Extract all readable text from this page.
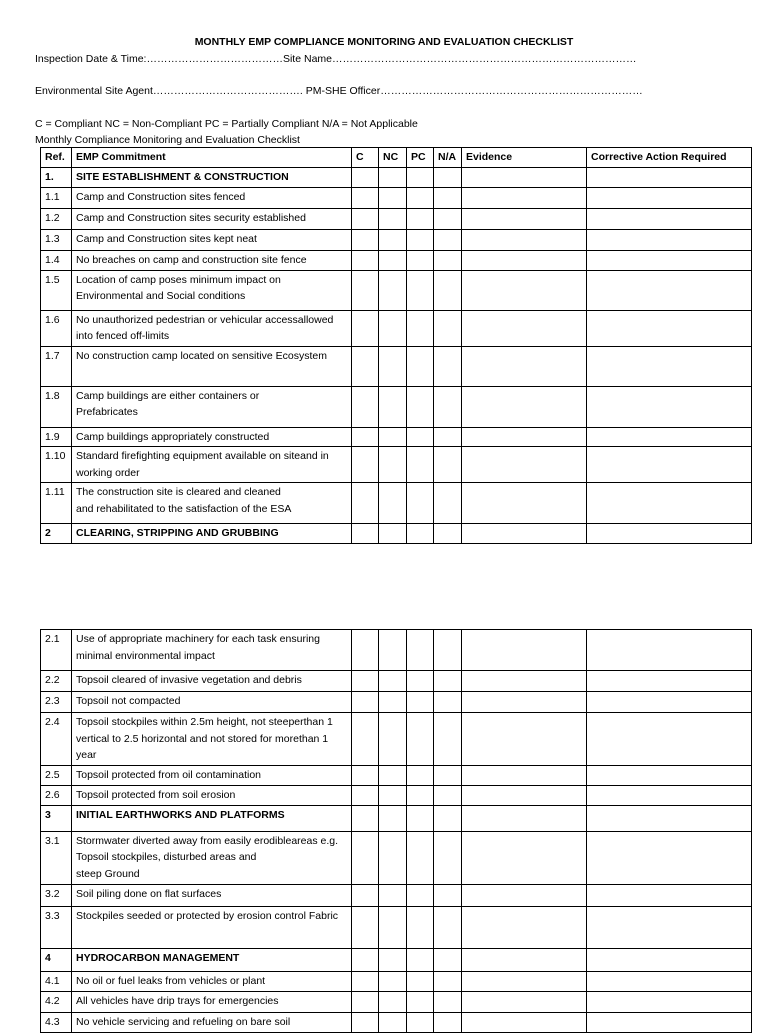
MONTHLY EMP COMPLIANCE MONITORING AND EVALUATION CHECKLIST
Inspection Date & Time:…………………………………Site Name……………………………………………………………………………
Environmental Site Agent……………………………………. PM-SHE Officer…………………………………………………………………
C = Compliant NC = Non-Compliant PC = Partially Compliant N/A = Not Applicable
Monthly Compliance Monitoring and Evaluation Checklist
Ref.	EMP Commitment	C	NC	PC	N/A	Evidence	Corrective Action Required
1.	SITE ESTABLISHMENT & CONSTRUCTION						
1.1	Camp and Construction sites fenced						
1.2	Camp and Construction sites security established						
1.3	Camp and Construction sites kept neat						
1.4	No breaches on camp and construction site fence						
1.5	Location of camp poses minimum impact on
Environmental and Social conditions						
1.6	No unauthorized pedestrian or vehicular accessallowed into fenced off-limits						
1.7	No construction camp located on sensitive Ecosystem						
1.8	Camp buildings are either containers or
Prefabricates						
1.9	Camp buildings appropriately constructed						
1.10	Standard firefighting equipment available on siteand in working order						
1.11	The construction site is cleared and cleaned
and rehabilitated to the satisfaction of the ESA						
2	CLEARING, STRIPPING AND GRUBBING						
2.1	Use of appropriate machinery for each task ensuring minimal environmental impact						
2.2	Topsoil cleared of invasive vegetation and debris						
2.3	Topsoil not compacted						
2.4	Topsoil stockpiles within 2.5m height, not steeperthan 1 vertical to 2.5 horizontal and not stored for morethan 1 year						
2.5	Topsoil protected from oil contamination						
2.6	Topsoil protected from soil erosion						
3	INITIAL EARTHWORKS AND PLATFORMS						
3.1	Stormwater diverted away from easily erodibleareas e.g. Topsoil stockpiles, disturbed areas and
steep Ground						
3.2	Soil piling done on flat surfaces						
3.3	Stockpiles seeded or protected by erosion control Fabric						
4	HYDROCARBON MANAGEMENT						
4.1	No oil or fuel leaks from vehicles or plant						
4.2	All vehicles have drip trays for emergencies						
4.3	No vehicle servicing and refueling on bare soil						
